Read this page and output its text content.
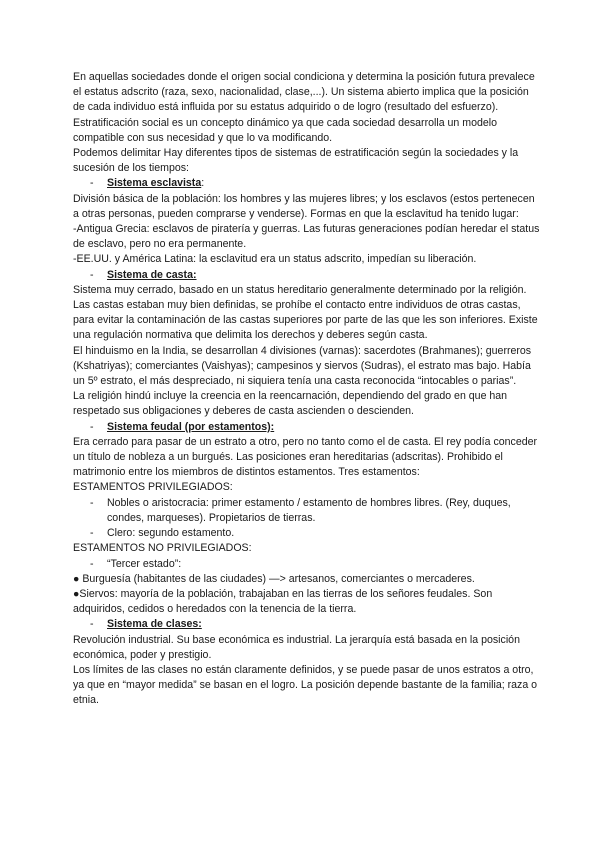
En aquellas sociedades donde el origen social condiciona y determina la posición futura prevalece el estatus adscrito (raza, sexo, nacionalidad, clase,...). Un sistema abierto implica que la posición de cada individuo está influida por su estatus adquirido o de logro (resultado del esfuerzo).

Estratificación social es un concepto dinámico ya que cada sociedad desarrolla un modelo compatible con sus necesidad y que lo va modificando.

Podemos delimitar Hay diferentes tipos de sistemas de estratificación según la sociedades y la sucesión de los tiempos:

- Sistema esclavista:

División básica de la población: los hombres y las mujeres libres; y los esclavos (estos pertenecen a otras personas, pueden comprarse y venderse). Formas en que la esclavitud ha tenido lugar:

-Antigua Grecia: esclavos de piratería y guerras. Las futuras generaciones podían heredar el status de esclavo, pero no era permanente.

-EE.UU. y América Latina: la esclavitud era un status adscrito, impedían su liberación.

- Sistema de casta:

Sistema muy cerrado, basado en un status hereditario generalmente determinado por la religión.

Las castas estaban muy bien definidas, se prohíbe el contacto entre individuos de otras castas, para evitar la contaminación de las castas superiores por parte de las que les son inferiores. Existe una regulación normativa que delimita los derechos y deberes según casta.

El hinduismo en la India, se desarrollan 4 divisiones (varnas): sacerdotes (Brahmanes); guerreros (Kshatriyas); comerciantes (Vaishyas); campesinos y siervos (Sudras), el estrato mas bajo. Había un 5º estrato, el más despreciado, ni siquiera tenía una casta reconocida “intocables o parias”.

La religión hindú incluye la creencia en la reencarnación, dependiendo del grado en que han respetado sus obligaciones y deberes de casta ascienden o descienden.

- Sistema feudal (por estamentos):

Era cerrado para pasar de un estrato a otro, pero no tanto como el de casta. El rey podía conceder un título de nobleza a un burgués. Las posiciones eran hereditarias (adscritas). Prohibido el matrimonio entre los miembros de distintos estamentos. Tres estamentos:

ESTAMENTOS PRIVILEGIADOS:

- Nobles o aristocracia: primer estamento / estamento de hombres libres. (Rey, duques, condes, marqueses). Propietarios de tierras.

- Clero: segundo estamento.

ESTAMENTOS NO PRIVILEGIADOS:

- “Tercer estado”:

● Burguesía (habitantes de las ciudades) —> artesanos, comerciantes o mercaderes.

●Siervos: mayoría de la población, trabajaban en las tierras de los señores feudales. Son adquiridos, cedidos o heredados con la tenencia de la tierra.

- Sistema de clases:

Revolución industrial. Su base económica es industrial. La jerarquía está basada en la posición económica, poder y prestigio.

Los límites de las clases no están claramente definidos, y se puede pasar de unos estratos a otro, ya que en “mayor medida” se basan en el logro. La posición depende bastante de la familia; raza o etnia.
